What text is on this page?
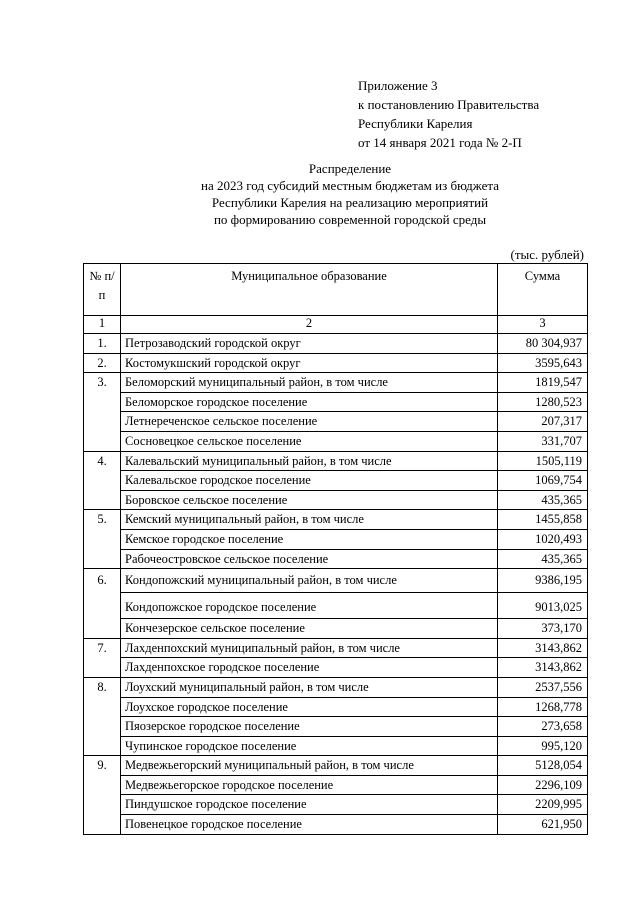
Приложение 3
к постановлению Правительства
Республики Карелия
от 14 января 2021 года № 2-П
Распределение
на 2023 год субсидий местным бюджетам из бюджета
Республики Карелия на реализацию мероприятий
по формированию современной городской среды
(тыс. рублей)
№ п/п	Муниципальное образование	Сумма
1	2	3
1.	Петрозаводский городской округ	80 304,937
2.	Костомукшский городской округ	3595,643
3.	Беломорский муниципальный район, в том числе	1819,547
	Беломорское городское поселение	1280,523
	Летнереченское сельское поселение	207,317
	Сосновецкое сельское поселение	331,707
4.	Калевальский муниципальный район, в том числе	1505,119
	Калевальское городское поселение	1069,754
	Боровское сельское поселение	435,365
5.	Кемский муниципальный район, в том числе	1455,858
	Кемское городское поселение	1020,493
	Рабочеостровское сельское поселение	435,365
6.	Кондопожский муниципальный район, в том числе	9386,195
	Кондопожское городское поселение	9013,025
	Кончезерское сельское поселение	373,170
7.	Лахденпохский муниципальный район, в том числе	3143,862
	Лахденпохское городское поселение	3143,862
8.	Лоухский муниципальный район, в том числе	2537,556
	Лоухское городское поселение	1268,778
	Пяозерское городское поселение	273,658
	Чупинское городское поселение	995,120
9.	Медвежьегорский муниципальный район, в том числе	5128,054
	Медвежьегорское городское поселение	2296,109
	Пиндушское городское поселение	2209,995
	Повенецкое городское поселение	621,950
